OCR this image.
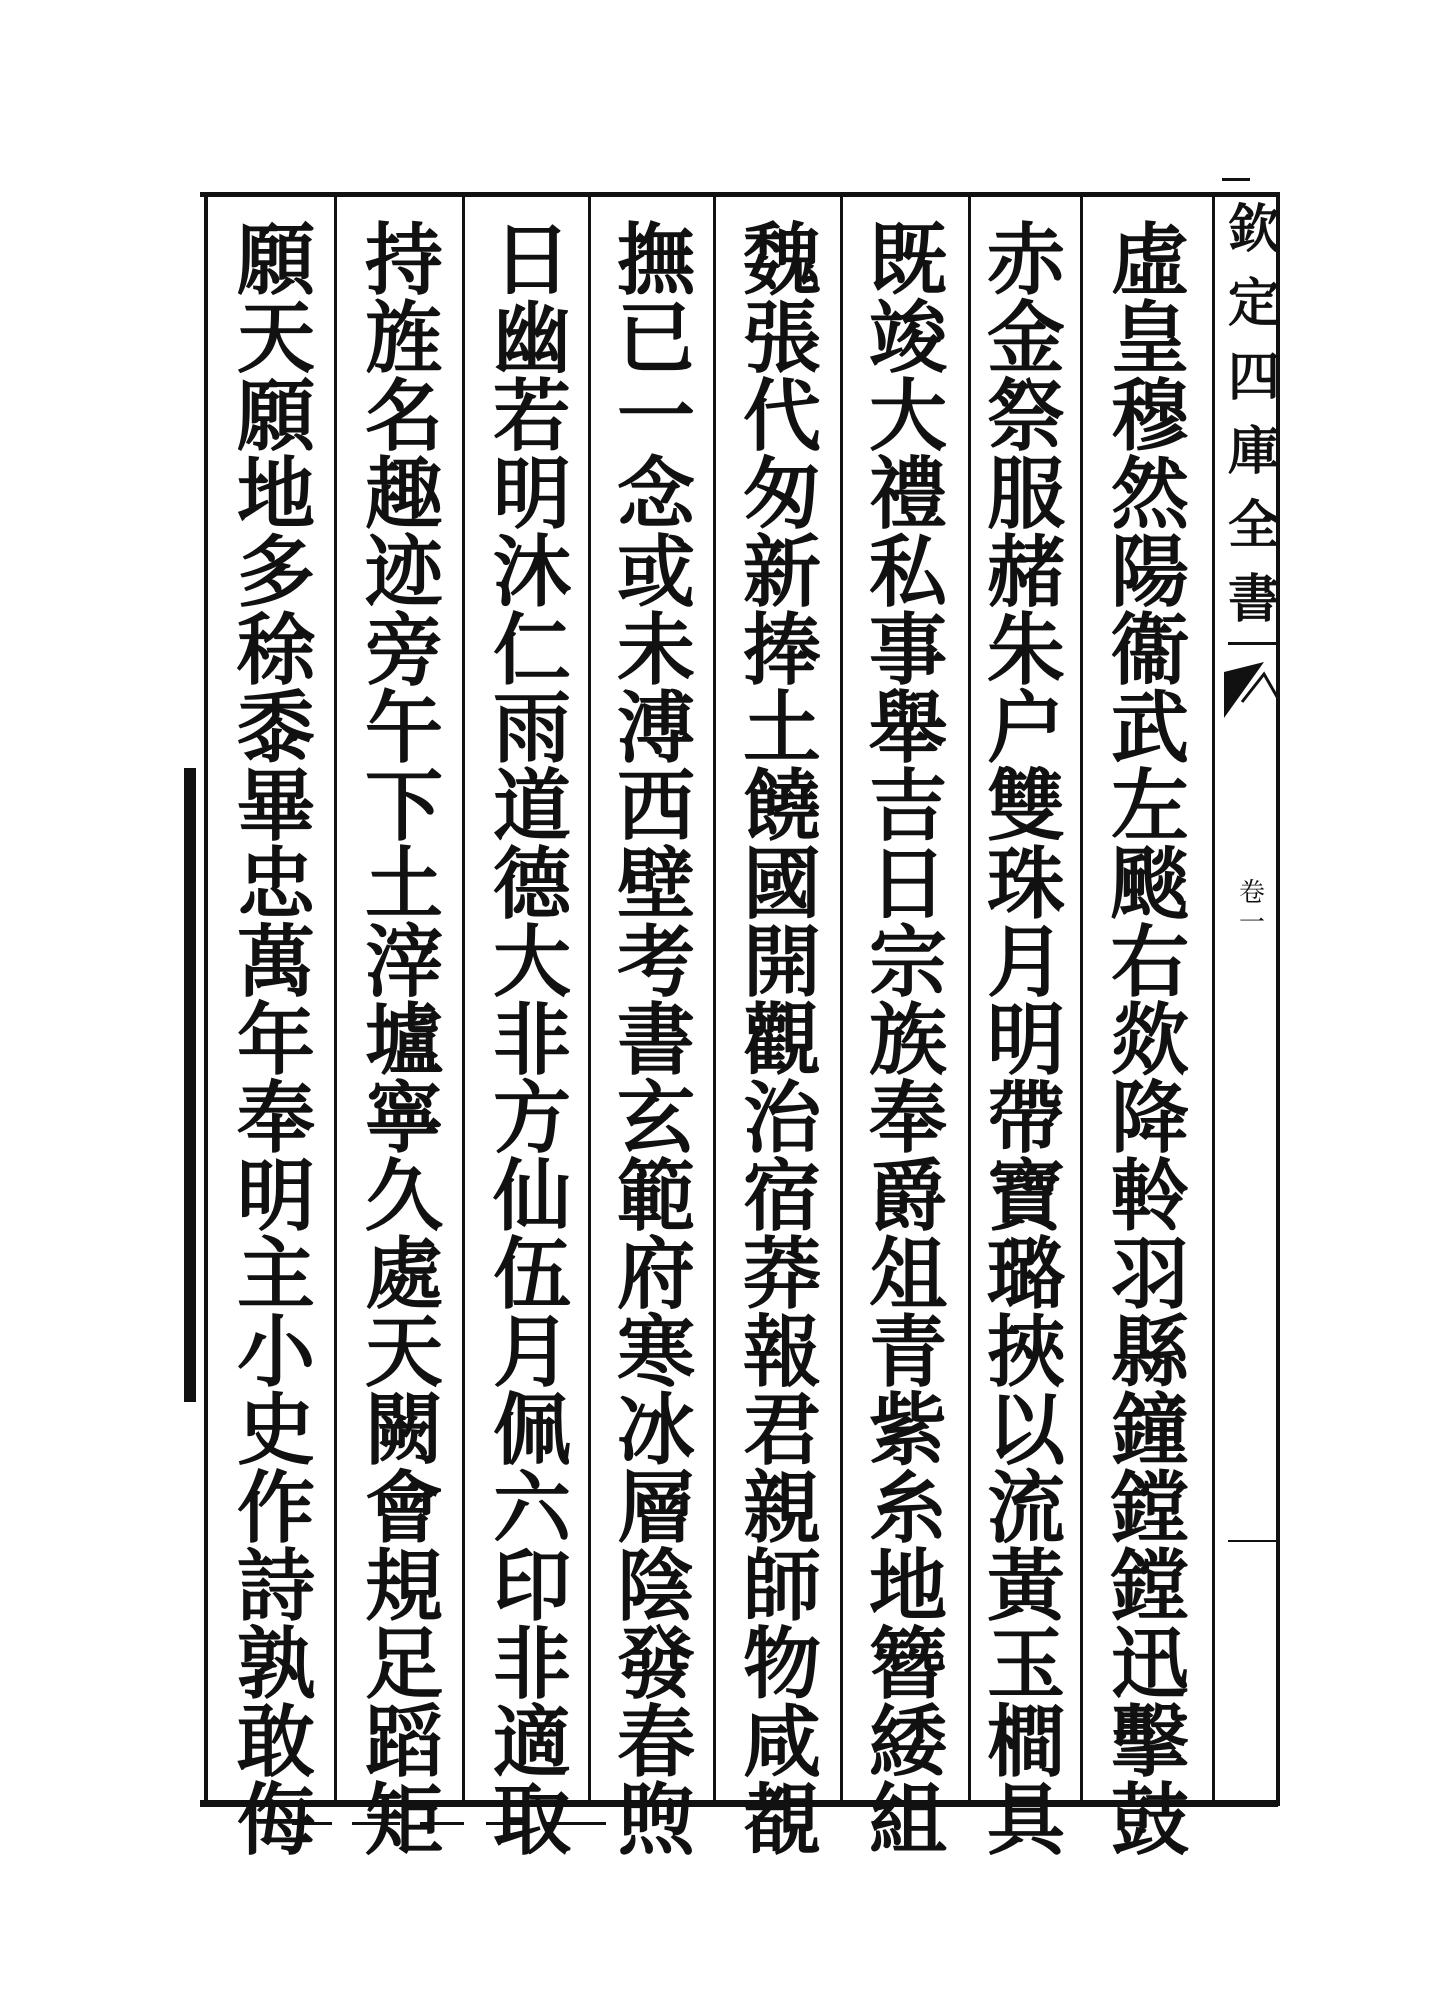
欽
定
四
庫
全
書
卷
一
虛
皇
穆
然
陽
衞
武
左
颷
右
欻
降
軨
羽
縣
鐘
鏜
鏜
迅
擊
鼓
赤
金
祭
服
赭
朱
户
雙
珠
月
明
帶
寶
璐
挾
以
流
黃
玉
橺
具
既
竣
大
禮
私
事
舉
吉
日
宗
族
奉
爵
俎
青
紫
糸
地
簪
緌
組
魏
張
代
匆
新
捧
土
饒
國
開
觀
治
宿
莽
報
君
親
師
物
咸
覩
撫
已
一
念
或
未
溥
西
壁
考
書
玄
範
府
寒
冰
層
陰
發
春
煦
日
幽
若
明
沐
仁
雨
道
德
大
非
方
仙
伍
月
佩
六
印
非
適
取
持
旌
名
趣
迹
旁
午
下
土
滓
壚
寧
久
處
天
闕
會
規
足
蹈
矩
願
天
願
地
多
稌
黍
畢
忠
萬
年
奉
明
主
小
史
作
詩
孰
敢
侮
